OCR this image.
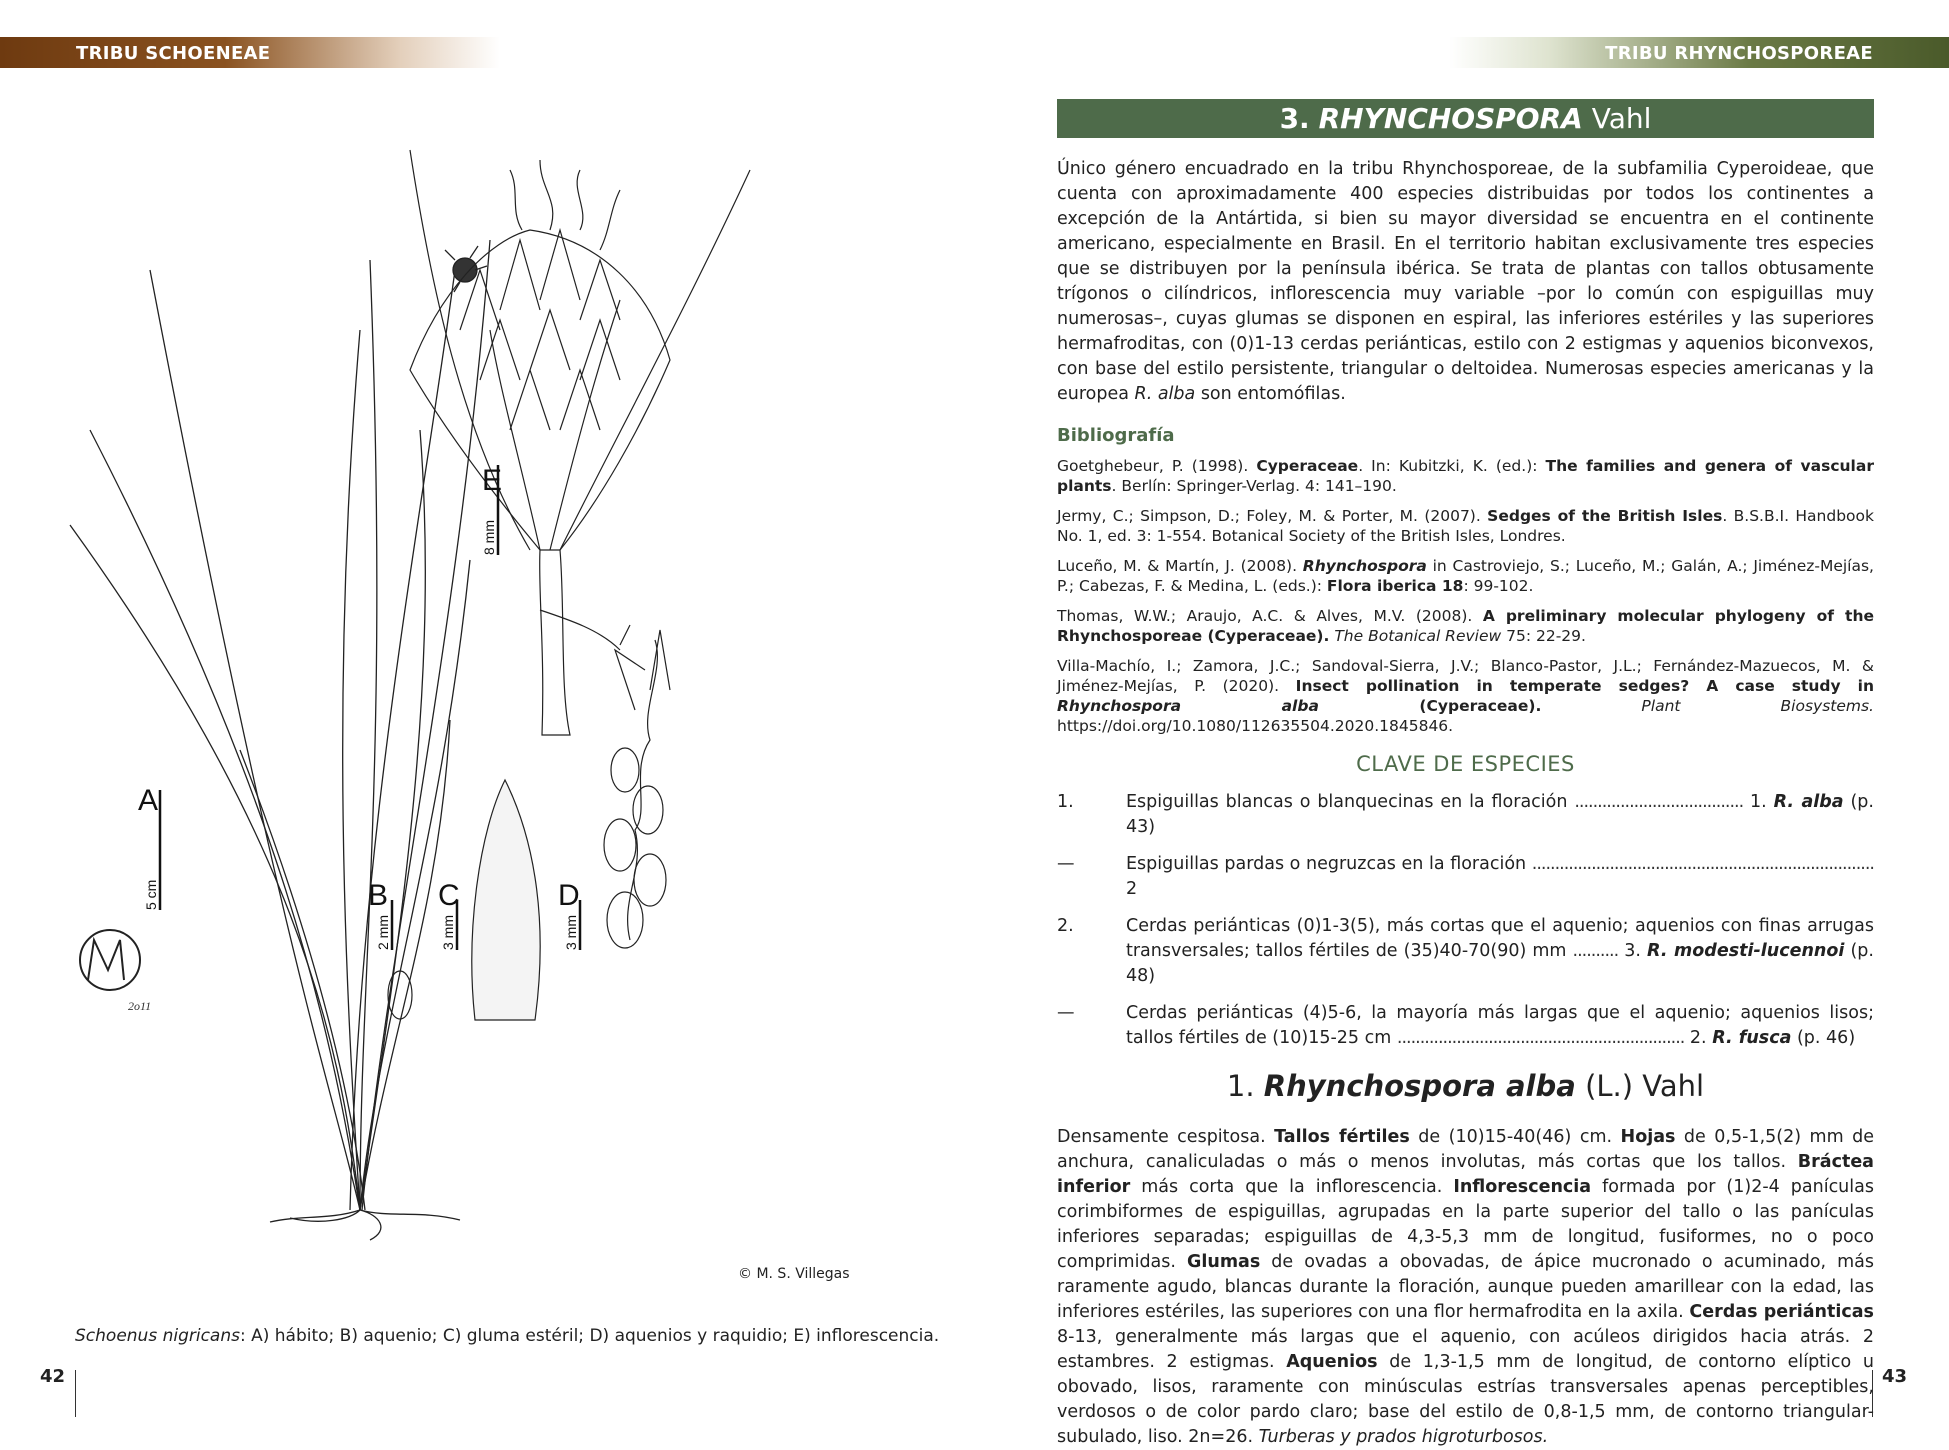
TRIBU SCHOENEAE	TRIBU RHYNCHOSPOREAE
A
B C	D
E
5 cm
2 mm	3 mm	3 mm
8 mm
2o11
© M. S. Villegas
Schoenus nigricans: A) hábito; B) aquenio; C) gluma estéril; D) aquenios y raquidio; E) inflorescencia.
42	43
3. RHYNCHOSPORA Vahl
Único género encuadrado en la tribu Rhynchosporeae, de la subfamilia Cyperoideae, que cuenta con aproximadamente 400 especies distribuidas por todos los continentes a excepción de la Antártida, si bien su mayor diversidad se encuentra en el continente americano, especialmente en Brasil. En el territorio habitan exclusivamente tres especies que se distribuyen por la península ibérica. Se trata de plantas con tallos obtusamente trígonos o cilíndricos, inflorescencia muy variable –por lo común con espiguillas muy numerosas–, cuyas glumas se disponen en espiral, las inferiores estériles y las superiores hermafroditas, con (0)1-13 cerdas periánticas, estilo con 2 estigmas y aquenios biconvexos, con base del estilo persistente, triangular o deltoidea. Numerosas especies americanas y la europea R. alba son entomófilas.
Bibliografía
Goetghebeur, P. (1998). Cyperaceae. In: Kubitzki, K. (ed.): The families and genera of vascular plants. Berlín: Springer-Verlag. 4: 141–190.
Jermy, C.; Simpson, D.; Foley, M. & Porter, M. (2007). Sedges of the British Isles. B.S.B.I. Handbook No. 1, ed. 3: 1-554. Botanical Society of the British Isles, Londres.
Luceño, M. & Martín, J. (2008). Rhynchospora in Castroviejo, S.; Luceño, M.; Galán, A.; Jiménez-Mejías, P.; Cabezas, F. & Medina, L. (eds.): Flora iberica 18: 99-102.
Thomas, W.W.; Araujo, A.C. & Alves, M.V. (2008). A preliminary molecular phylogeny of the Rhynchosporeae (Cyperaceae). The Botanical Review 75: 22-29.
Villa-Machío, I.; Zamora, J.C.; Sandoval-Sierra, J.V.; Blanco-Pastor, J.L.; Fernández-Mazuecos, M. & Jiménez-Mejías, P. (2020). Insect pollination in temperate sedges? A case study in Rhynchospora alba (Cyperaceae).	Plant Biosystems. https://doi.org/10.1080/112635504.2020.1845846.
CLAVE DE ESPECIES
1.	Espiguillas blancas o blanquecinas en la floración ..................................... 1. R. alba (p. 43)
—	Espiguillas pardas o negruzcas en la floración ........................................................................... 2
2.	Cerdas periánticas (0)1-3(5), más cortas que el aquenio; aquenios con finas arrugas transversales; tallos fértiles de (35)40-70(90) mm .......... 3. R. modesti-lucennoi (p. 48)
—	Cerdas periánticas (4)5-6, la mayoría más largas que el aquenio; aquenios lisos; tallos fértiles de (10)15-25 cm ............................................................... 2. R. fusca (p. 46)
1. Rhynchospora alba (L.) Vahl
Densamente cespitosa. Tallos fértiles de (10)15-40(46) cm. Hojas de 0,5-1,5(2) mm de anchura, canaliculadas o más o menos involutas, más cortas que los tallos. Bráctea inferior más corta que la inflorescencia. Inflorescencia formada por (1)2-4 panículas corimbiformes de espiguillas, agrupadas en la parte superior del tallo o las panículas inferiores separadas; espiguillas de 4,3-5,3 mm de longitud, fusiformes, no o poco comprimidas. Glumas de ovadas a obovadas, de ápice mucronado o acuminado, más raramente agudo, blancas durante la floración, aunque pueden amarillear con la edad, las inferiores estériles, las superiores con una flor hermafrodita en la axila. Cerdas periánticas 8-13, generalmente más largas que el aquenio, con acúleos dirigidos hacia atrás. 2 estambres. 2 estigmas. Aquenios de 1,3-1,5 mm de longitud, de contorno elíptico u obovado, lisos, raramente con minúsculas estrías transversales apenas perceptibles, verdosos o de color pardo claro; base del estilo de 0,8-1,5 mm, de contorno triangular-subulado, liso. 2n=26. Turberas y prados higroturbosos.
